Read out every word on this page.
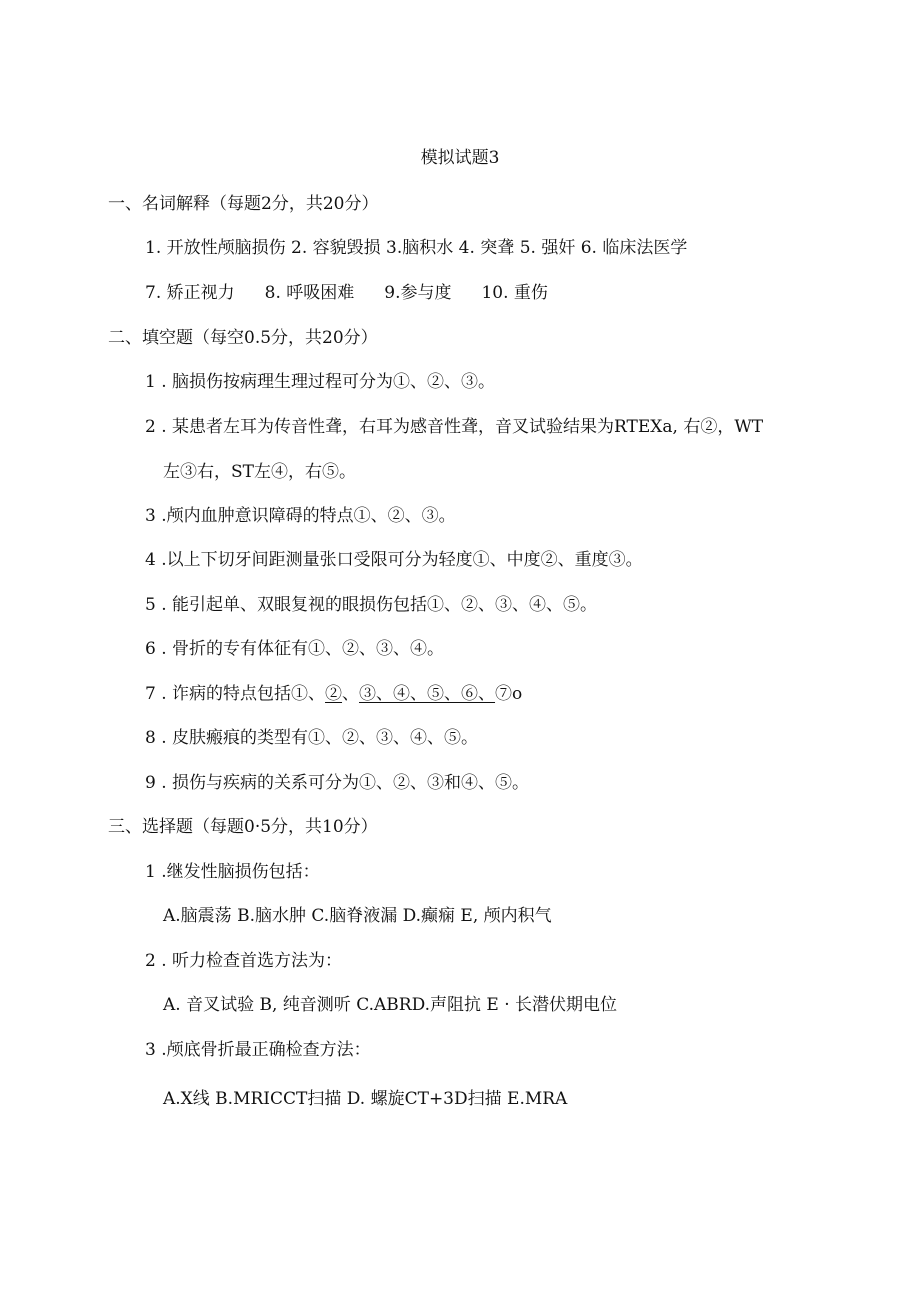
模拟试题3
一、名词解释（每题2分，共20分）
1. 开放性颅脑损伤 2. 容貌毁损 3.脑积水 4. 突聋 5. 强奸 6. 临床法医学
7. 矫正视力 8. 呼吸困难 9.参与度 10. 重伤
二、填空题（每空0.5分，共20分）
1 . 脑损伤按病理生理过程可分为①、②、③。
2 . 某患者左耳为传音性聋，右耳为感音性聋，音叉试验结果为RTEXa, 右②，WT
左③右，ST左④，右⑤。
3 .颅内血肿意识障碍的特点①、②、③。
4 .以上下切牙间距测量张口受限可分为轻度①、中度②、重度③。
5 . 能引起单、双眼复视的眼损伤包括①、②、③、④、⑤。
6 . 骨折的专有体征有①、②、③、④。
7 . 诈病的特点包括①、②、③、④、⑤、⑥、⑦o
8 . 皮肤瘢痕的类型有①、②、③、④、⑤。
9 . 损伤与疾病的关系可分为①、②、③和④、⑤。
三、选择题（每题0·5分，共10分）
1 .继发性脑损伤包括：
A.脑震荡 B.脑水肿 C.脑脊液漏 D.癫痫 E, 颅内积气
2 . 听力检查首选方法为：
A. 音叉试验 B, 纯音测听 C.ABRD.声阻抗 E · 长潜伏期电位
3 .颅底骨折最正确检查方法：
A.X线 B.MRICCT扫描 D. 螺旋CT+3D扫描 E.MRA
